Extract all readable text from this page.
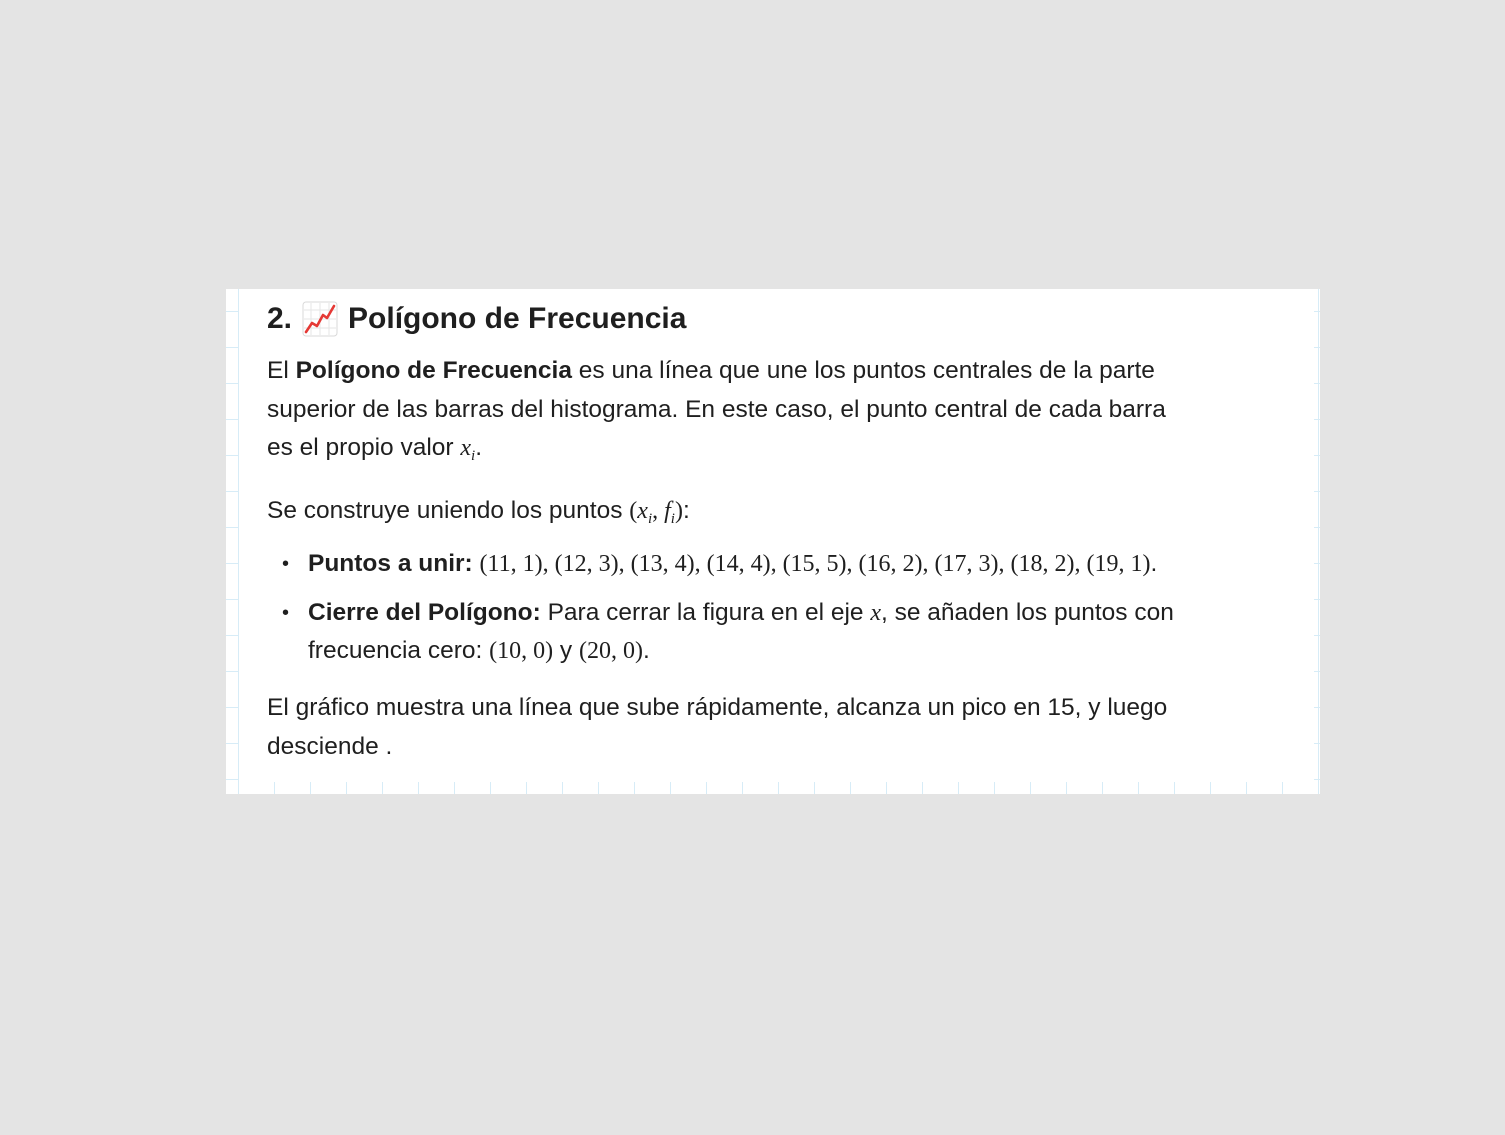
2. Polígono de Frecuencia

El Polígono de Frecuencia es una línea que une los puntos centrales de la parte
superior de las barras del histograma. En este caso, el punto central de cada barra
es el propio valor $x_i$.

Se construye uniendo los puntos ($x_i$, $f_i$):

• Puntos a unir: (11, 1), (12, 3), (13, 4), (14, 4), (15, 5), (16, 2), (17, 3), (18, 2), (19, 1).
• Cierre del Polígono: Para cerrar la figura en el eje x, se añaden los puntos con
frecuencia cero: (10, 0) y (20, 0).

El gráfico muestra una línea que sube rápidamente, alcanza un pico en 15, y luego
desciende .
